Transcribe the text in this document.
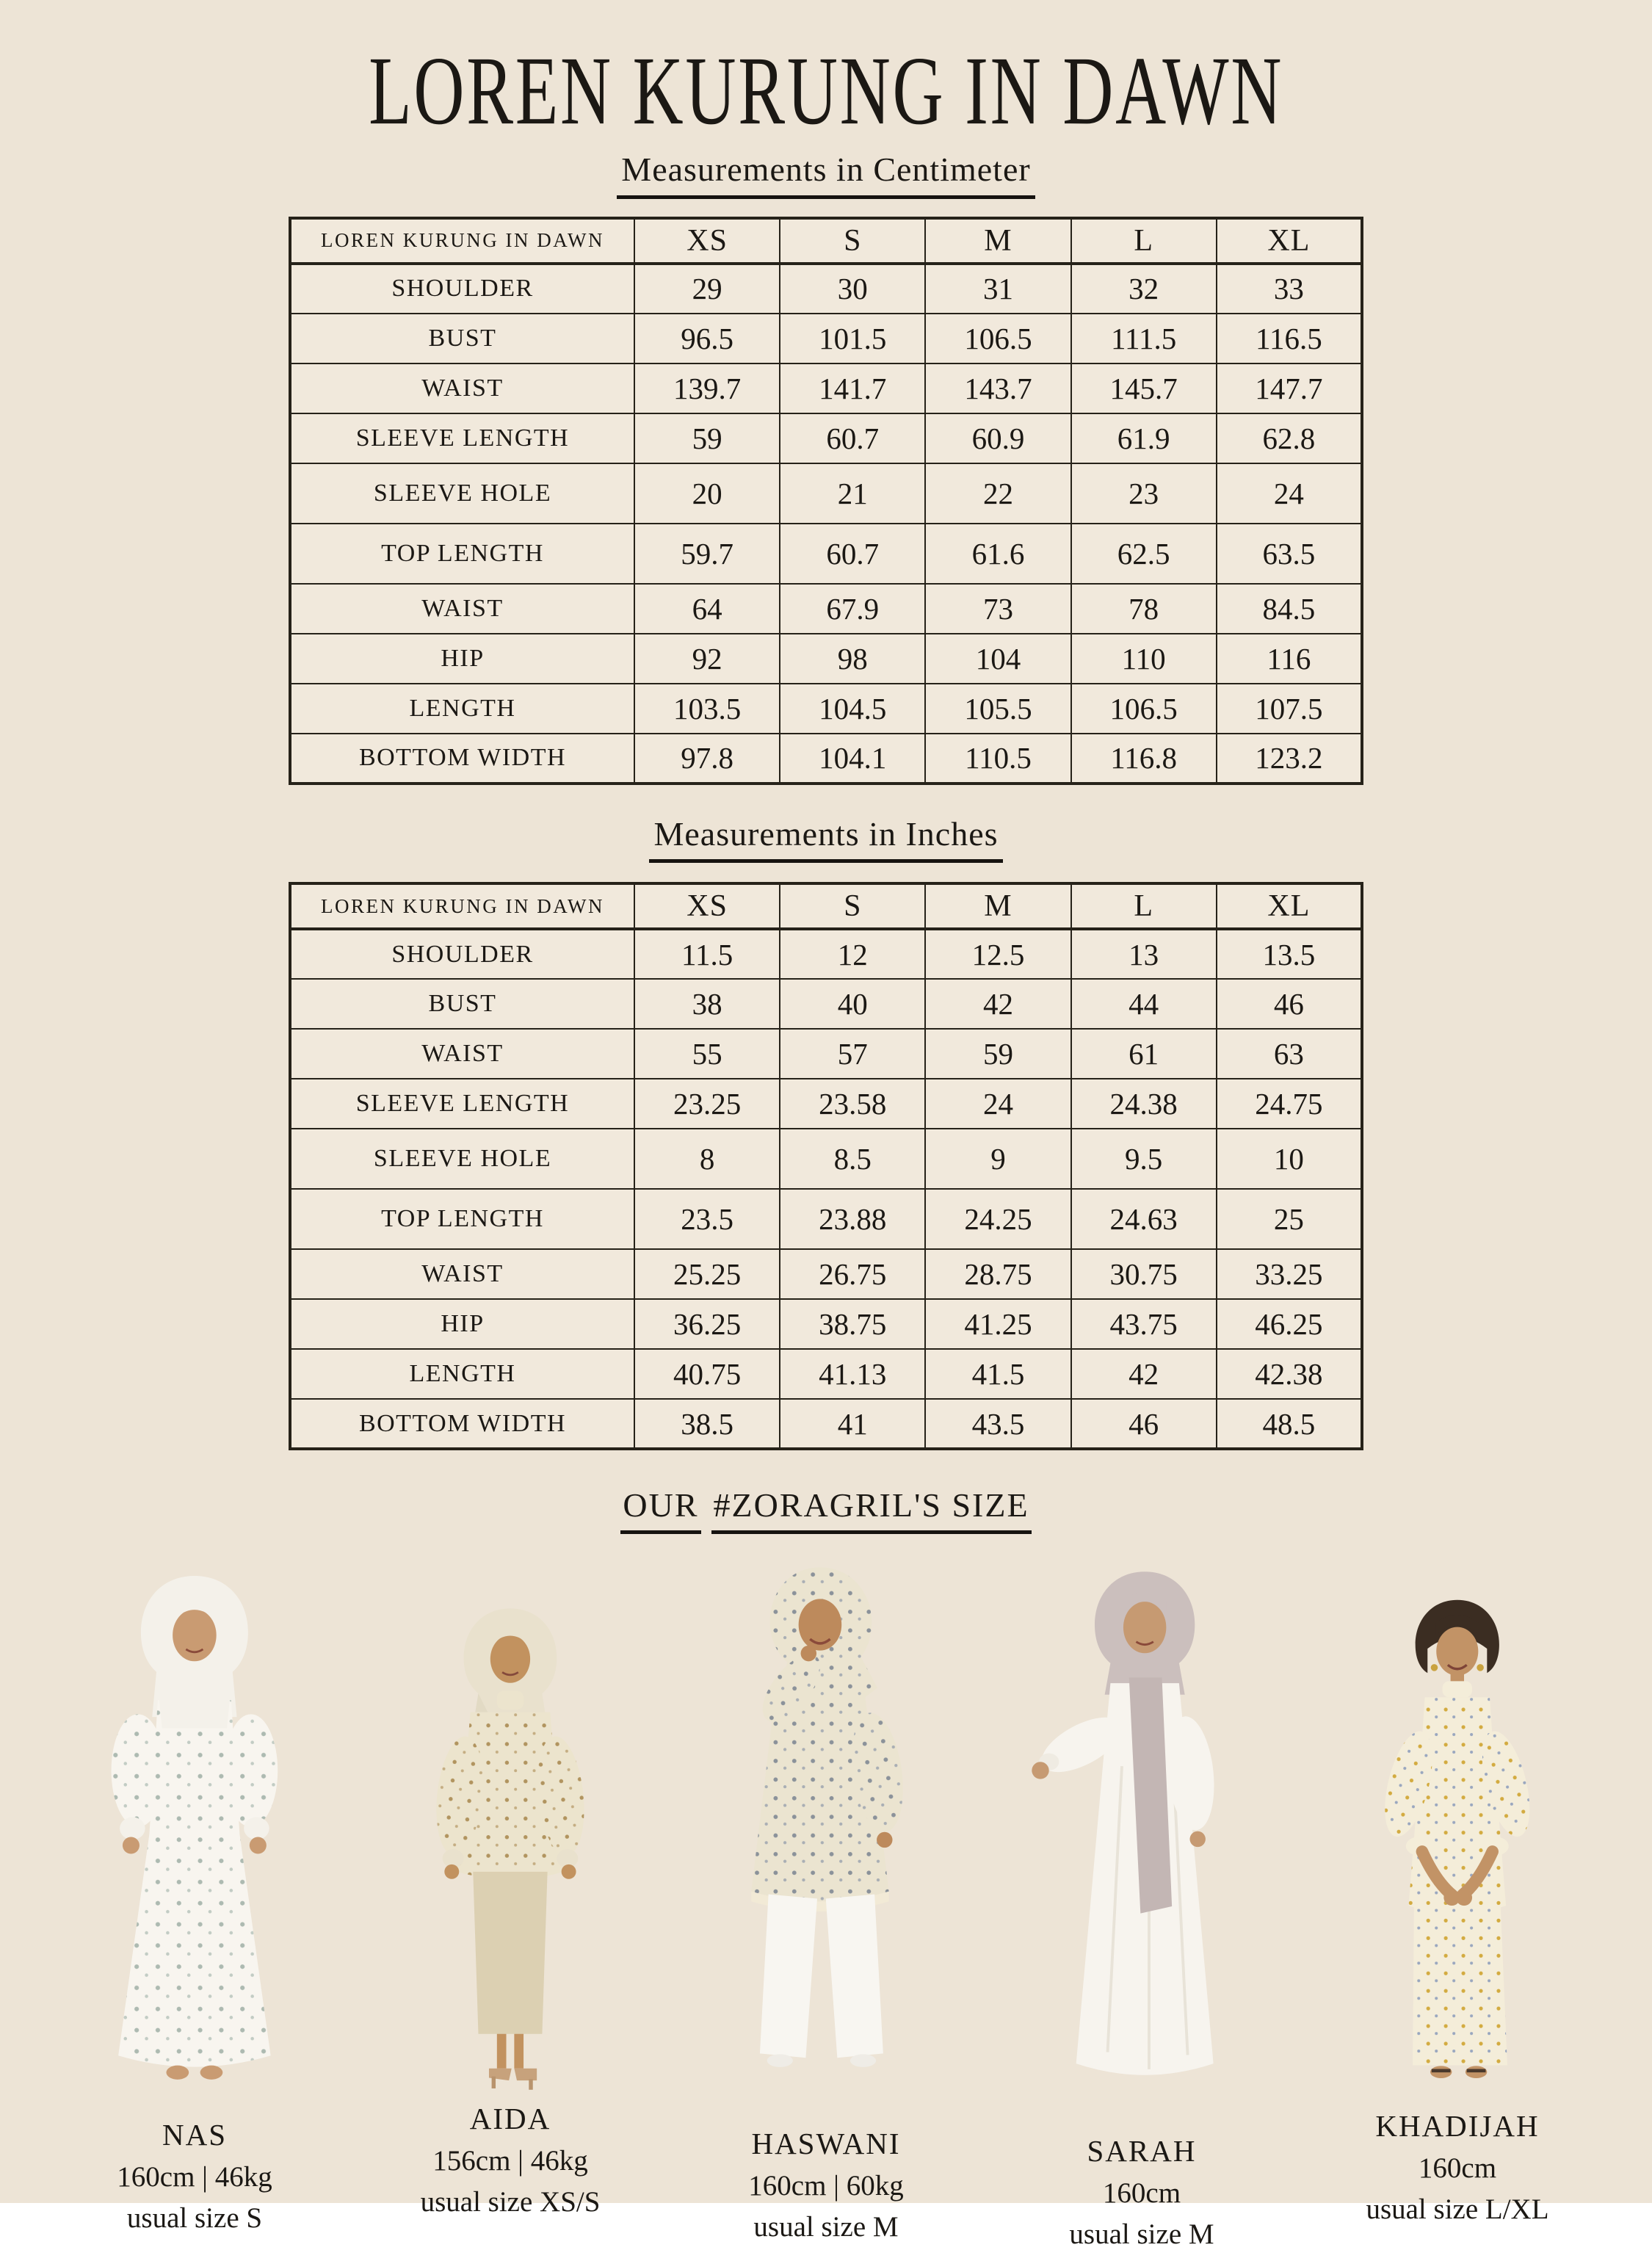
LOREN KURUNG IN DAWN
Measurements in Centimeter
LOREN KURUNG IN DAWN	XS	S	M	L	XL
SHOULDER	29	30	31	32	33
BUST	96.5	101.5	106.5	111.5	116.5
WAIST	139.7	141.7	143.7	145.7	147.7
SLEEVE LENGTH	59	60.7	60.9	61.9	62.8
SLEEVE HOLE	20	21	22	23	24
TOP LENGTH	59.7	60.7	61.6	62.5	63.5
WAIST	64	67.9	73	78	84.5
HIP	92	98	104	110	116
LENGTH	103.5	104.5	105.5	106.5	107.5
BOTTOM WIDTH	97.8	104.1	110.5	116.8	123.2
Measurements in Inches
LOREN KURUNG IN DAWN	XS	S	M	L	XL
SHOULDER	11.5	12	12.5	13	13.5
BUST	38	40	42	44	46
WAIST	55	57	59	61	63
SLEEVE LENGTH	23.25	23.58	24	24.38	24.75
SLEEVE HOLE	8	8.5	9	9.5	10
TOP LENGTH	23.5	23.88	24.25	24.63	25
WAIST	25.25	26.75	28.75	30.75	33.25
HIP	36.25	38.75	41.25	43.75	46.25
LENGTH	40.75	41.13	41.5	42	42.38
BOTTOM WIDTH	38.5	41	43.5	46	48.5
OUR #ZORAGRIL'S SIZE
NAS
160cm | 46kg
usual size S
AIDA
156cm | 46kg
usual size XS/S
HASWANI
160cm | 60kg
usual size M
SARAH
160cm
usual size M
KHADIJAH
160cm
usual size L/XL
